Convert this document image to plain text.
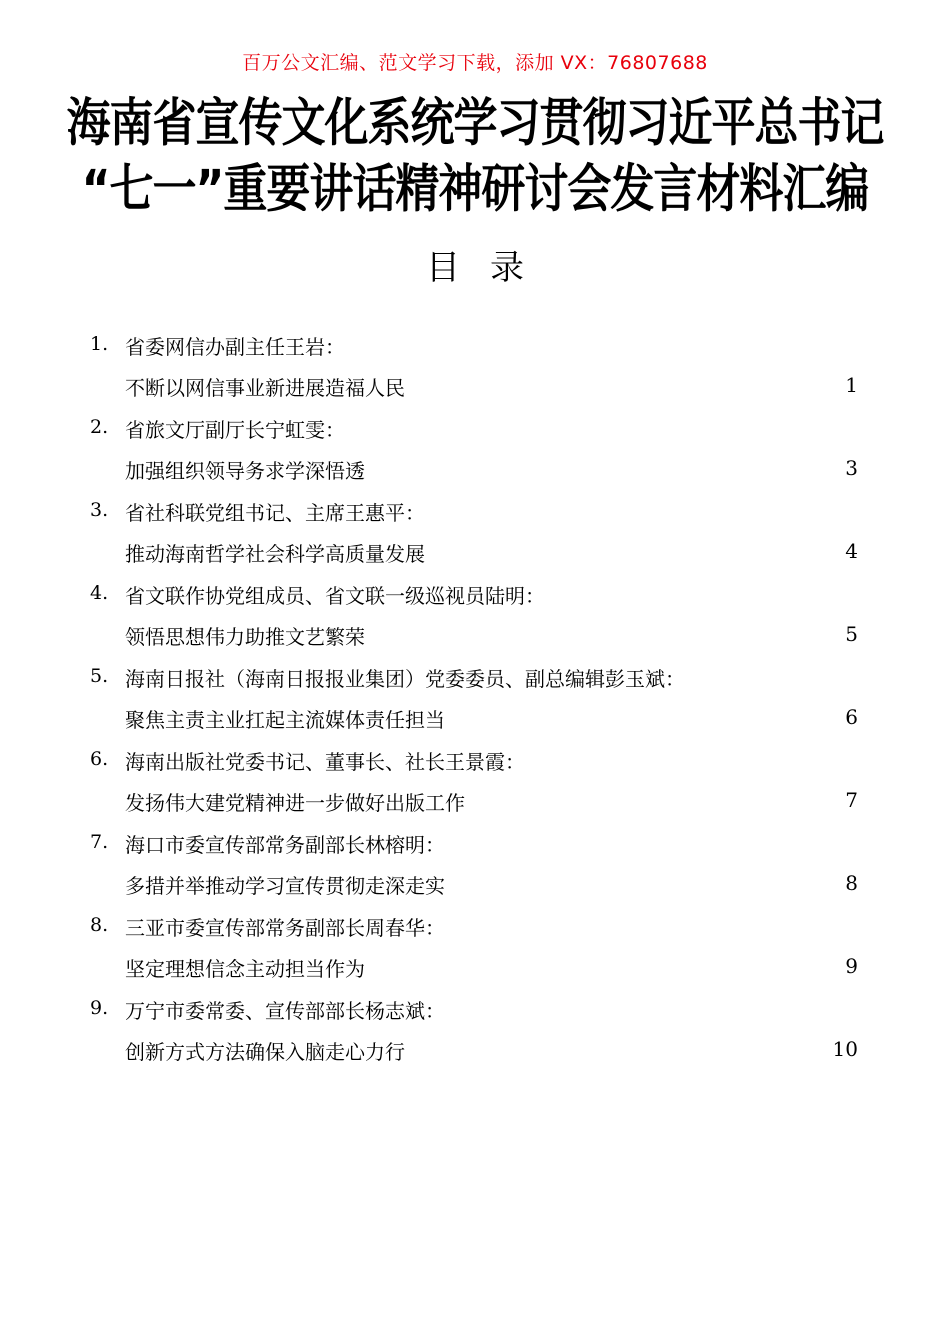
百万公文汇编、范文学习下载，添加 VX：76807688
海南省宣传文化系统学习贯彻习近平总书记
“七一”重要讲话精神研讨会发言材料汇编
目录
1. 省委网信办副主任王岩：
不断以网信事业新进展造福人民	1
2. 省旅文厅副厅长宁虹雯：
加强组织领导务求学深悟透	3
3. 省社科联党组书记、主席王惠平：
推动海南哲学社会科学高质量发展	4
4. 省文联作协党组成员、省文联一级巡视员陆明：
领悟思想伟力助推文艺繁荣	5
5. 海南日报社（海南日报报业集团）党委委员、副总编辑彭玉斌：
聚焦主责主业扛起主流媒体责任担当	6
6. 海南出版社党委书记、董事长、社长王景霞：
发扬伟大建党精神进一步做好出版工作	7
7. 海口市委宣传部常务副部长林榕明：
多措并举推动学习宣传贯彻走深走实	8
8. 三亚市委宣传部常务副部长周春华：
坚定理想信念主动担当作为	9
9. 万宁市委常委、宣传部部长杨志斌：
创新方式方法确保入脑走心力行	10
